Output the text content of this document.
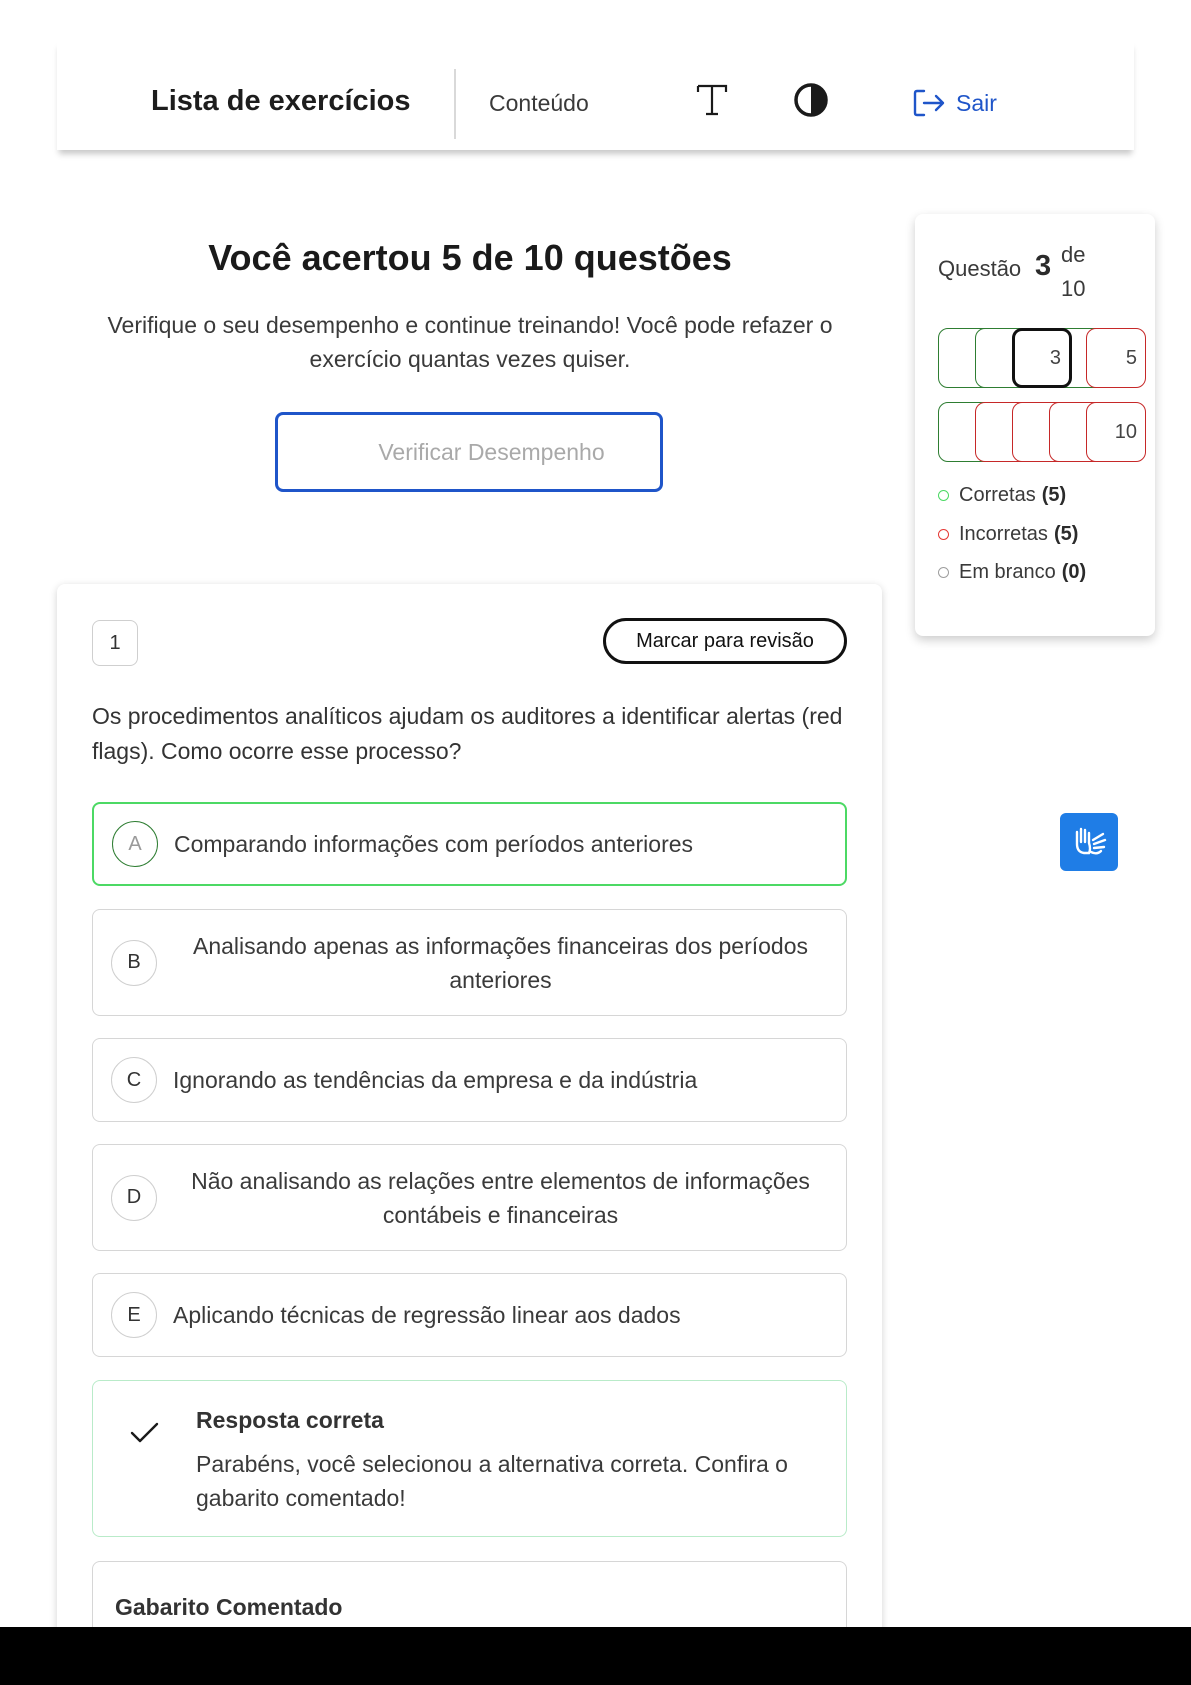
Lista de exercícios	Conteúdo	Sair
Você acertou 5 de 10 questões
Verifique o seu desempenho e continue treinando! Você pode refazer o exercício quantas vezes quiser.
Verificar Desempenho
Questão 3 de
10
3	5
10
Corretas (5)
Incorretas (5)
Em branco (0)
1	Marcar para revisão
Os procedimentos analíticos ajudam os auditores a identificar alertas (red flags). Como ocorre esse processo?
A	Comparando informações com períodos anteriores
B
Analisando apenas as informações financeiras dos períodos anteriores
C	Ignorando as tendências da empresa e da indústria
D
Não analisando as relações entre elementos de informações contábeis e financeiras
E	Aplicando técnicas de regressão linear aos dados
Resposta correta
Parabéns, você selecionou a alternativa correta. Confira o gabarito comentado!
Gabarito Comentado
